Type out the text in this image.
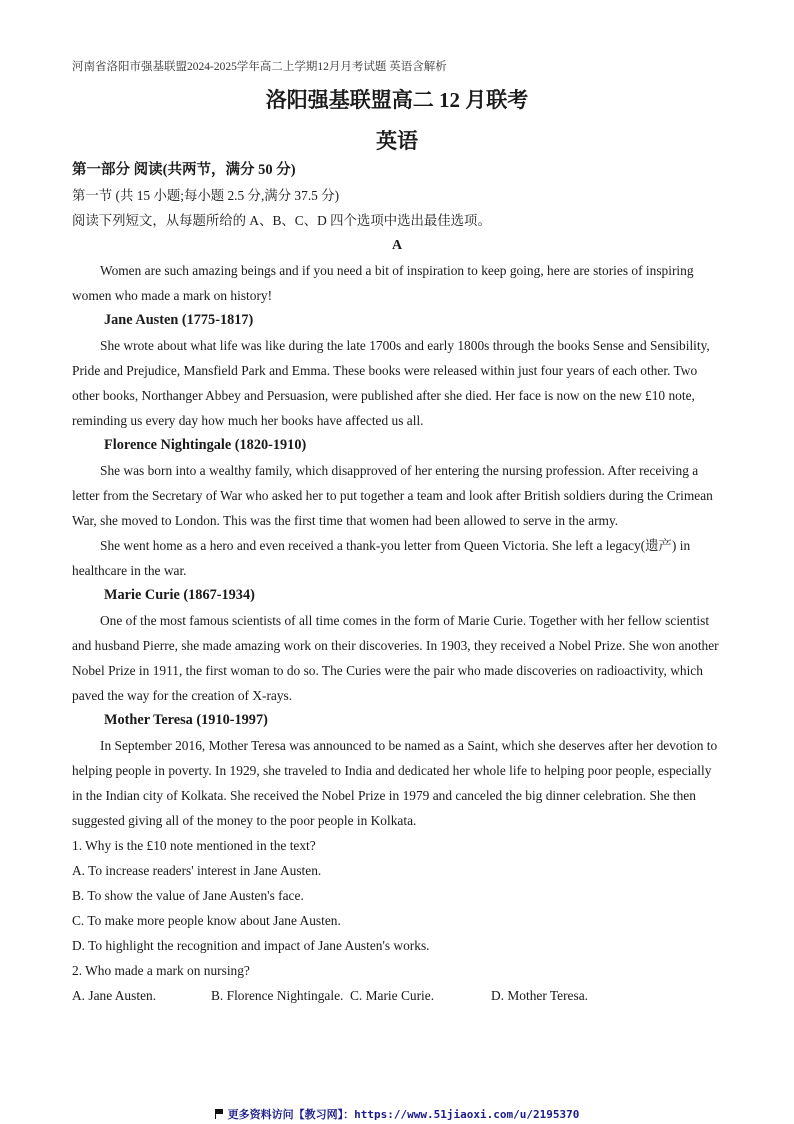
河南省洛阳市强基联盟2024-2025学年高二上学期12月月考试题 英语含解析
洛阳强基联盟高二 12 月联考
英语

第一部分 阅读(共两节，满分 50 分)

第一节 (共 15 小题;每小题 2.5 分,满分 37.5 分)

阅读下列短文，从每题所给的 A、B、C、D 四个选项中选出最佳选项。

A

Women are such amazing beings and if you need a bit of inspiration to keep going, here are stories of inspiring women who made a mark on history!

Jane Austen (1775-1817)

She wrote about what life was like during the late 1700s and early 1800s through the books Sense and Sensibility, Pride and Prejudice, Mansfield Park and Emma. These books were released within just four years of each other. Two other books, Northanger Abbey and Persuasion, were published after she died. Her face is now on the new £10 note, reminding us every day how much her books have affected us all.

Florence Nightingale (1820-1910)

She was born into a wealthy family, which disapproved of her entering the nursing profession. After receiving a letter from the Secretary of War who asked her to put together a team and look after British soldiers during the Crimean War, she moved to London. This was the first time that women had been allowed to serve in the army.

She went home as a hero and even received a thank-you letter from Queen Victoria. She left a legacy(遗产) in healthcare in the war.

Marie Curie (1867-1934)

One of the most famous scientists of all time comes in the form of Marie Curie. Together with her fellow scientist and husband Pierre, she made amazing work on their discoveries. In 1903, they received a Nobel Prize. She won another Nobel Prize in 1911, the first woman to do so. The Curies were the pair who made discoveries on radioactivity, which paved the way for the creation of X-rays.

Mother Teresa (1910-1997)

In September 2016, Mother Teresa was announced to be named as a Saint, which she deserves after her devotion to helping people in poverty. In 1929, she traveled to India and dedicated her whole life to helping poor people, especially in the Indian city of Kolkata. She received the Nobel Prize in 1979 and canceled the big dinner celebration. She then suggested giving all of the money to the poor people in Kolkata.

1. Why is the £10 note mentioned in the text?

A. To increase readers' interest in Jane Austen.

B. To show the value of Jane Austen's face.

C. To make more people know about Jane Austen.

D. To highlight the recognition and impact of Jane Austen's works.

2. Who made a mark on nursing?

A. Jane Austen.	B. Florence Nightingale. C. Marie Curie.	D. Mother Teresa.
更多资料访问【教习网】：https://www.51jiaoxi.com/u/2195370
